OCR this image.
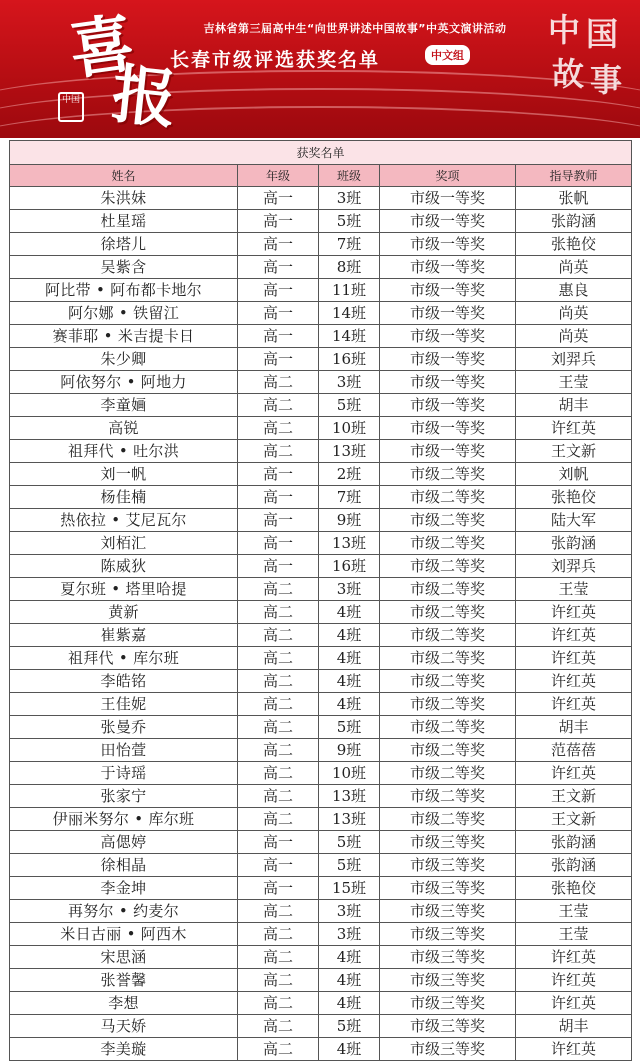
喜
报
中国
吉林省第三届高中生“向世界讲述中国故事”中英文演讲活动
长春市级评选获奖名单	中文组
中 国
故 事
获奖名单				
姓名	年级	班级	奖项	指导教师
朱洪妹	高一	3班	市级一等奖	张帆
杜星瑶	高一	5班	市级一等奖	张韵涵
徐塔儿	高一	7班	市级一等奖	张艳佼
吴紫含	高一	8班	市级一等奖	尚英
阿比带 • 阿布都卡地尔	高一	11班	市级一等奖	惠良
阿尔娜 • 铁留江	高一	14班	市级一等奖	尚英
赛菲耶 • 米吉提卡日	高一	14班	市级一等奖	尚英
朱少卿	高一	16班	市级一等奖	刘羿兵
阿依努尔 • 阿地力	高二	3班	市级一等奖	王莹
李童婳	高二	5班	市级一等奖	胡丰
高锐	高二	10班	市级一等奖	许红英
祖拜代 • 吐尔洪	高二	13班	市级一等奖	王文新
刘一帆	高一	2班	市级二等奖	刘帆
杨佳楠	高一	7班	市级二等奖	张艳佼
热依拉 • 艾尼瓦尔	高一	9班	市级二等奖	陆大军
刘栢汇	高一	13班	市级二等奖	张韵涵
陈威狄	高一	16班	市级二等奖	刘羿兵
夏尔班 • 塔里哈提	高二	3班	市级二等奖	王莹
黄新	高二	4班	市级二等奖	许红英
崔紫嘉	高二	4班	市级二等奖	许红英
祖拜代 • 库尔班	高二	4班	市级二等奖	许红英
李皓铭	高二	4班	市级二等奖	许红英
王佳妮	高二	4班	市级二等奖	许红英
张曼乔	高二	5班	市级二等奖	胡丰
田怡萱	高二	9班	市级二等奖	范蓓蓓
于诗瑶	高二	10班	市级二等奖	许红英
张家宁	高二	13班	市级二等奖	王文新
伊丽米努尔 • 库尔班	高二	13班	市级二等奖	王文新
高偲婷	高一	5班	市级三等奖	张韵涵
徐相晶	高一	5班	市级三等奖	张韵涵
李金坤	高一	15班	市级三等奖	张艳佼
再努尔 • 约麦尔	高二	3班	市级三等奖	王莹
米日古丽 • 阿西木	高二	3班	市级三等奖	王莹
宋思涵	高二	4班	市级三等奖	许红英
张誉馨	高二	4班	市级三等奖	许红英
李想	高二	4班	市级三等奖	许红英
马天娇	高二	5班	市级三等奖	胡丰
李美璇	高二	4班	市级三等奖	许红英
